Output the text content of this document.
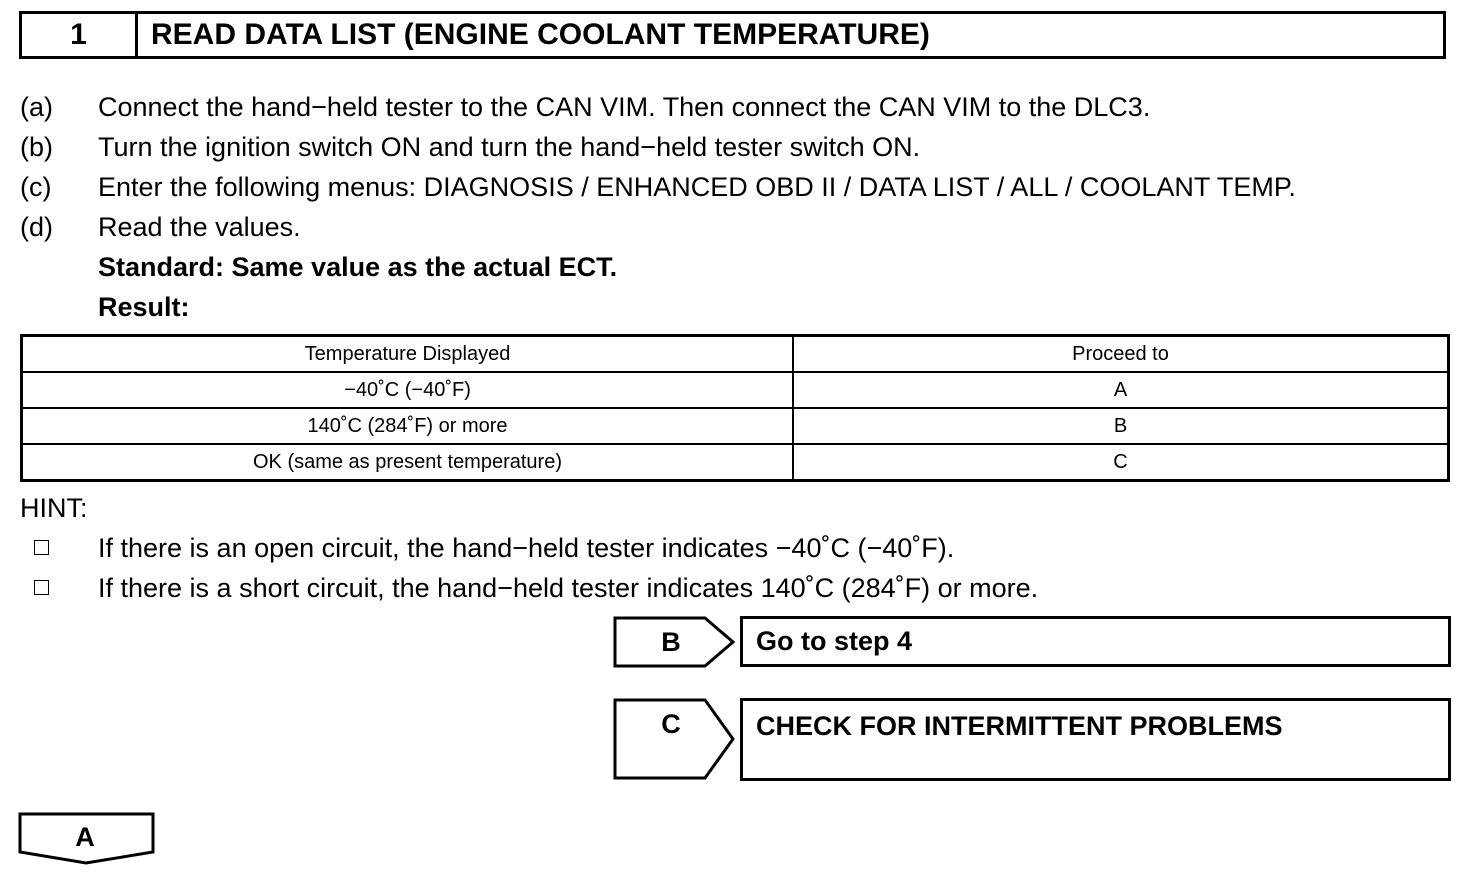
1	READ DATA LIST (ENGINE COOLANT TEMPERATURE)
(a) Connect the hand−held tester to the CAN VIM. Then connect the CAN VIM to the DLC3.
(b) Turn the ignition switch ON and turn the hand−held tester switch ON.
(c) Enter the following menus: DIAGNOSIS / ENHANCED OBD II / DATA LIST / ALL / COOLANT TEMP.
(d) Read the values.
Standard: Same value as the actual ECT.
Result:
Temperature Displayed	Proceed to
−40˚C (−40˚F)	A
140˚C (284˚F) or more	B
OK (same as present temperature)	C
HINT:
If there is an open circuit, the hand−held tester indicates −40˚C (−40˚F).
If there is a short circuit, the hand−held tester indicates 140˚C (284˚F) or more.
B	Go to step 4
C	CHECK FOR INTERMITTENT PROBLEMS
A
